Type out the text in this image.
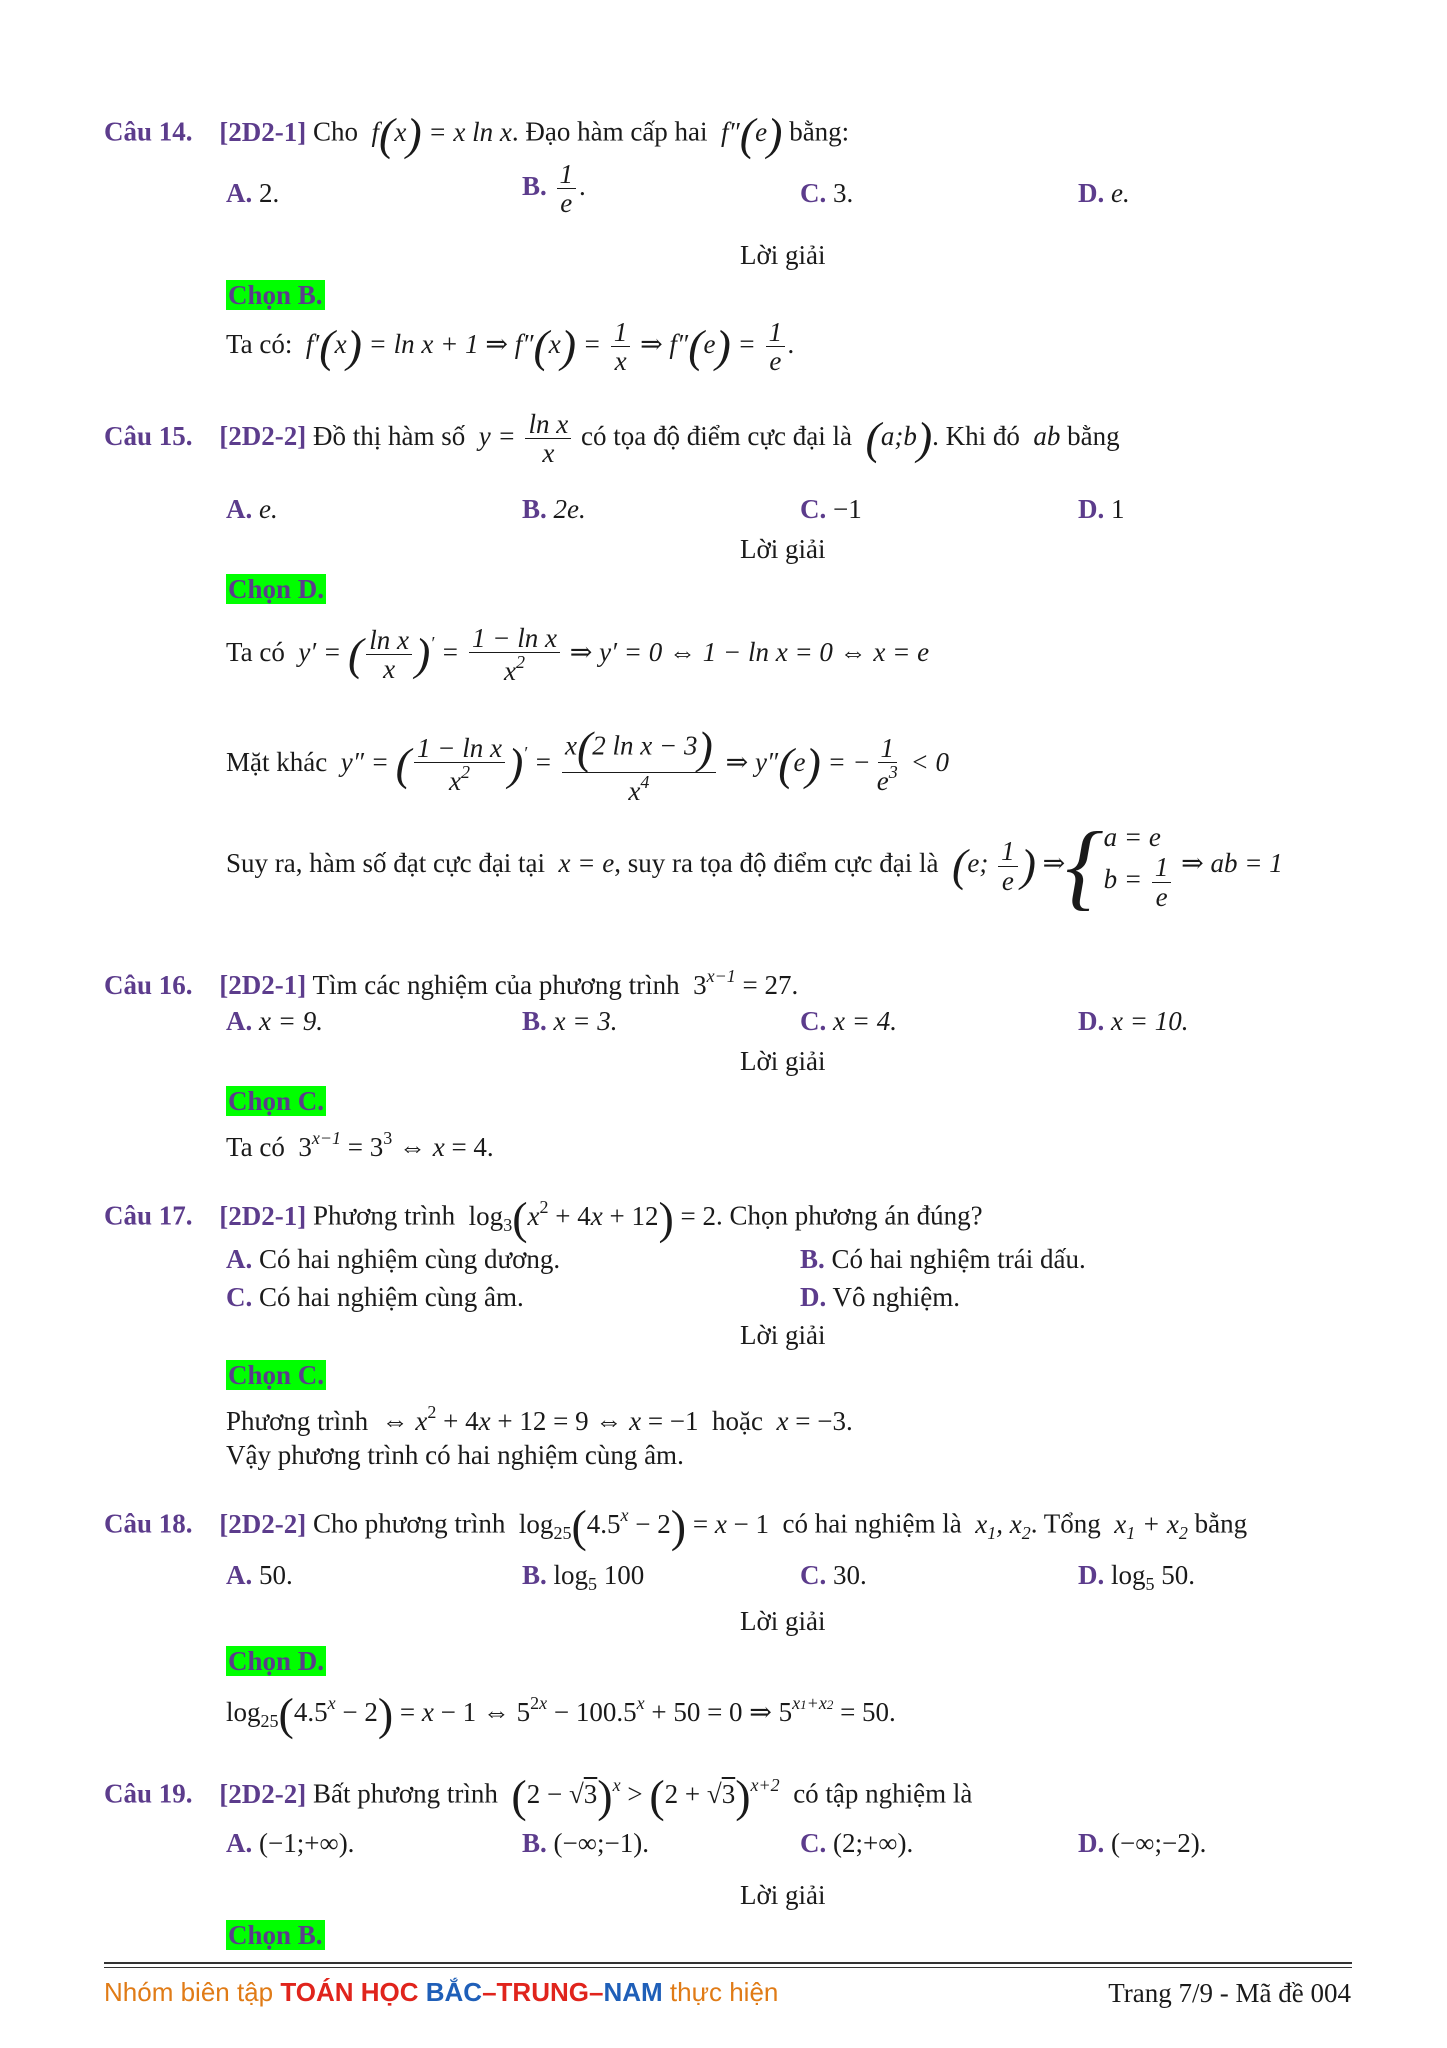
Câu 14. [2D2-1] Cho  f(x) = x ln x. Đạo hàm cấp hai  f″(e) bằng:
A. 2.	B. $\frac{1}{e}$ .	C. 3.	D. e.
Lời giải
Chọn B.
Ta có:  f′(x) = ln x + 1 ⇒ $f''(x) = \frac{1}{x}$ ⇒ $f''(e) = \frac{1}{e}$ .
Câu 15. [2D2-2] Đồ thị hàm số  $y = \frac{\text{ln x}}{x}$ có tọa độ điểm cực đại là (a;b). Khi đó  ab bằng
A. e.	B. 2e.	C. −1	D. 1
Lời giải
Chọn D.
Ta có  y′ = ( $\frac{\text{ln x}}{x} )' = \frac{\text{1 − ln x}}{x^2}$ ⇒ y′ = 0 ⇔ 1 − ln x = 0 ⇔ x = e
Mặt khác  y″ = ( $\frac{\text{1 − ln x}}{x^2} )' = \frac{\text{x(2 ln x − 3)}}{x^4}$ ⇒ y″(e) = − $\frac{1}{e^3} < 0$
Suy ra, hàm số đạt cực đại tại  x = e, suy ra tọa độ điểm cực đại là (e; $\frac{1}{e}$ ) ⇒{ a = e
$b = \frac{1}{e}$ ⇒ ab = 1
Câu 16. [2D2-1] Tìm các nghiệm của phương trình  $3^{x-1} = 27$.
A. x = 9.	B. x = 3.	C. x = 4.	D. x = 10.
Lời giải
Chọn C.
Ta có  $3^{x-1} = 3^3$ ⇔ x = 4.
Câu 17. [2D2-1] Phương trình  $\log_3(x^2 + 4x + 12) = 2$. Chọn phương án đúng?
A. Có hai nghiệm cùng dương.	B. Có hai nghiệm trái dấu.
C. Có hai nghiệm cùng âm.	D. Vô nghiệm.
Lời giải
Chọn C.
Phương trình  ⇔ $x^2 + 4x + 12 = 9$ ⇔ x = −1  hoặc x = −3.
Vậy phương trình có hai nghiệm cùng âm.
Câu 18. [2D2-2] Cho phương trình  $\log_{25}(4.5^x - 2) = x - 1$  có hai nghiệm là  $x_1$, $x_2$. Tổng  $x_1 + x_2$ bằng
A. 50.	B. $\log_5 100$	C. 30.	D. $\log_5 50$.
Lời giải
Chọn D.
$\log_{25}(4.5^x - 2) = x - 1$ ⇔ $5^{2x} - 100.5^x + 50 = 0$ ⇒ $5^{x1+x2} = 50$.
Câu 19. [2D2-2] Bất phương trình $(2 - √3)^x > (2 + √3)^{x+2}$ có tập nghiệm là
A. (−1;+∞).	B. (−∞;−1).	C. (2;+∞).	D. (−∞;−2).
Lời giải
Chọn B.
Nhóm biên tập TOÁN HỌC BẮC–TRUNG–NAM thực hiện	Trang 7/9 - Mã đề 004
